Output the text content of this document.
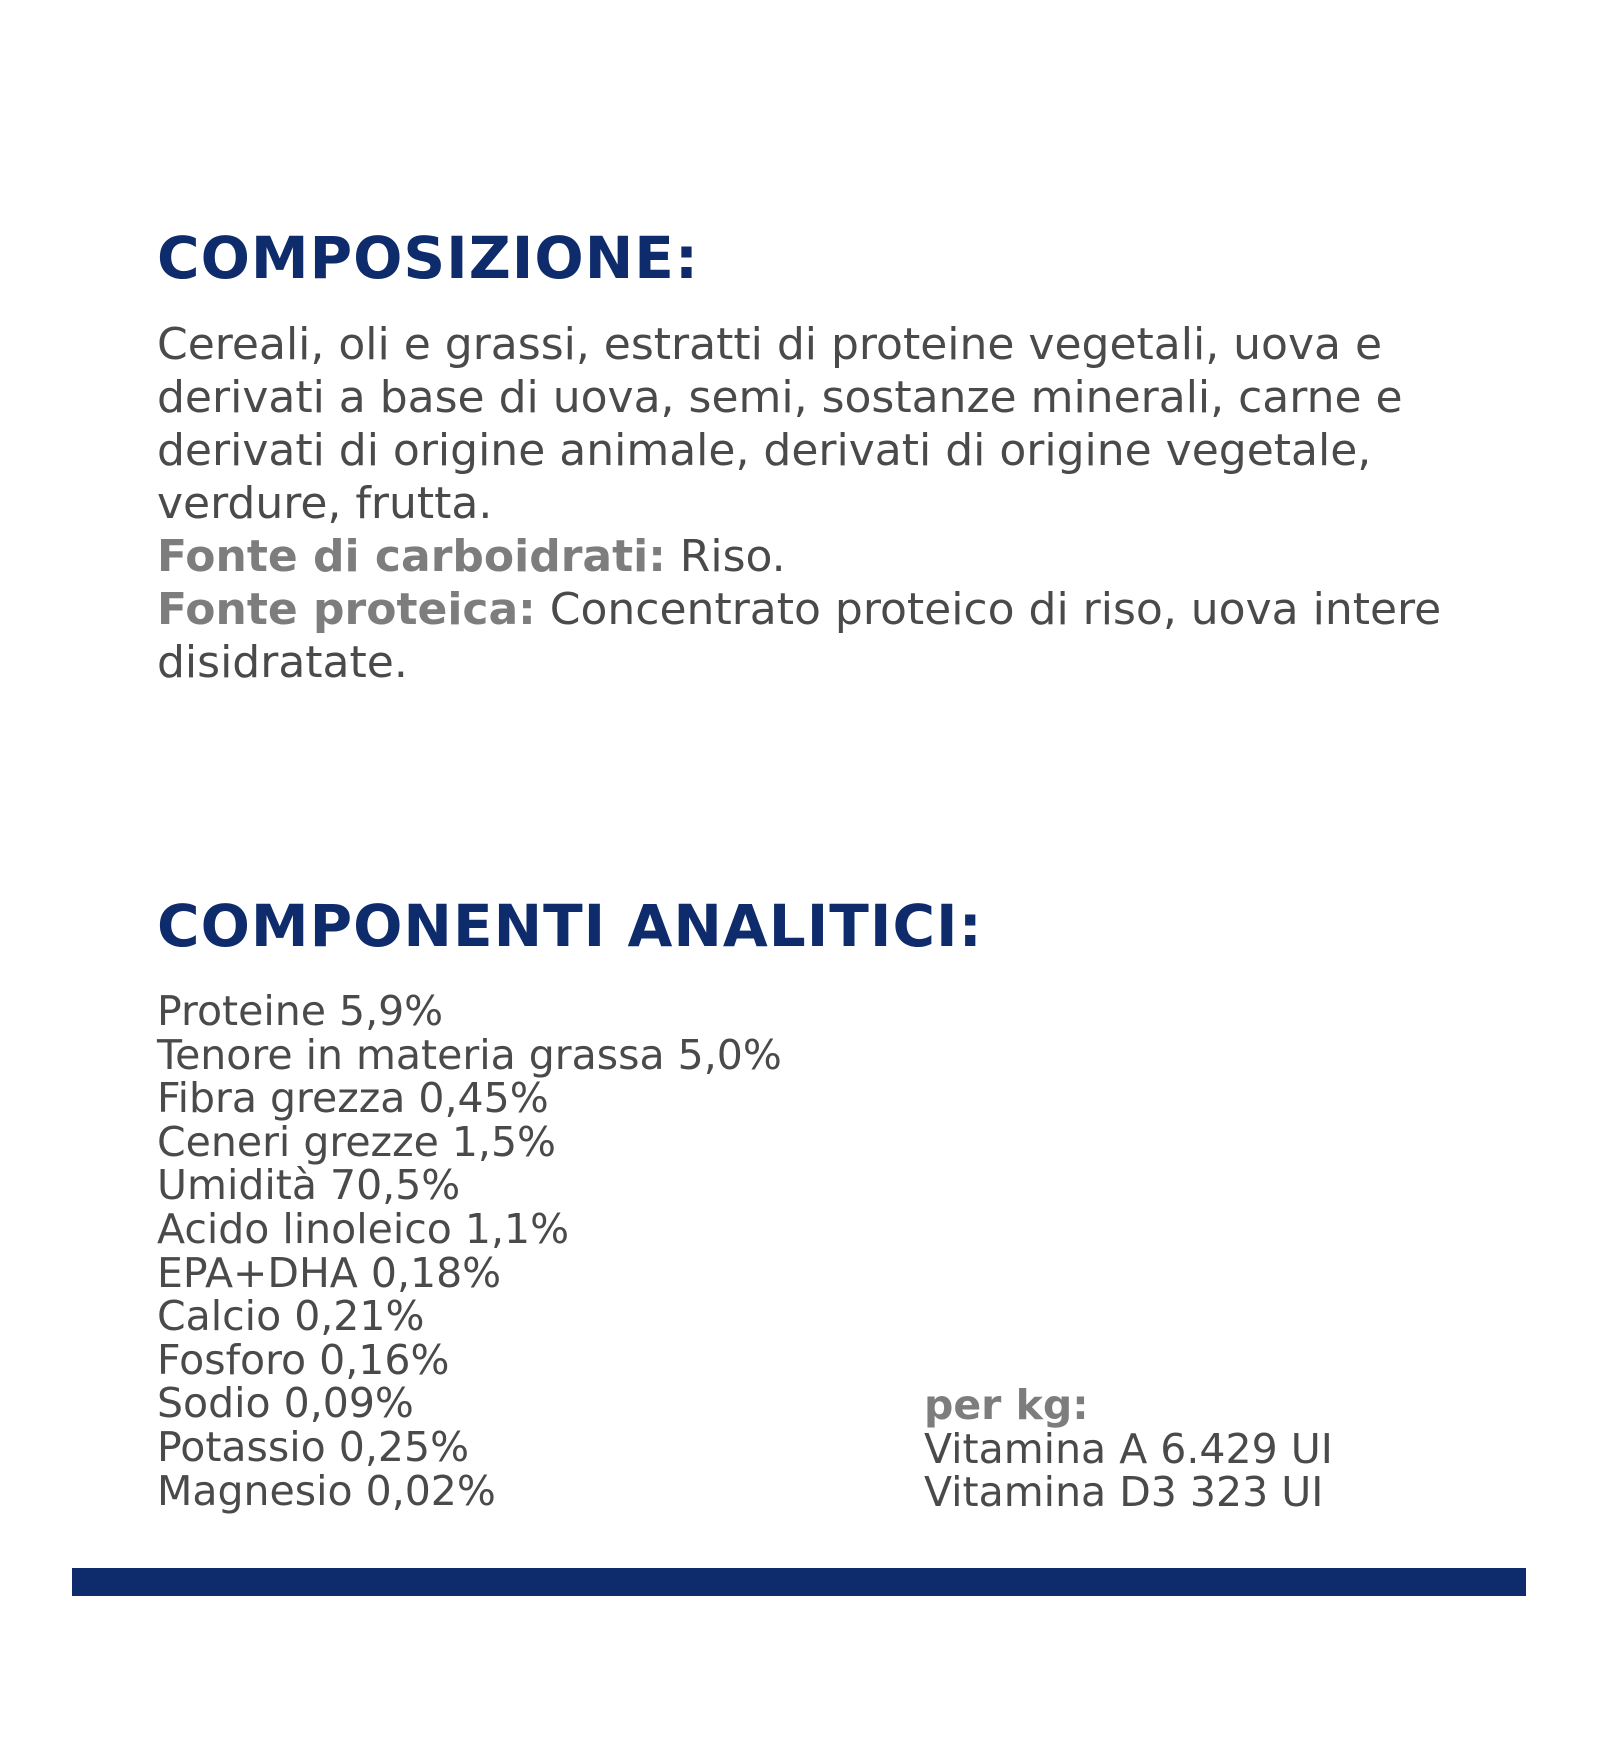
COMPOSIZIONE:

Cereali, oli e grassi, estratti di proteine vegetali, uova e derivati a base di uova, semi, sostanze minerali, carne e derivati di origine animale, derivati di origine vegetale, verdure, frutta.

Fonte di carboidrati: Riso.

Fonte proteica: Concentrato proteico di riso, uova intere disidratate.

COMPONENTI ANALITICI:
Proteine 5,9%
Tenore in materia grassa 5,0%
Fibra grezza 0,45%
Ceneri grezze 1,5%
Umidità 70,5%
Acido linoleico 1,1%
EPA+DHA 0,18%
Calcio 0,21%
Fosforo 0,16%
Sodio 0,09%
Potassio 0,25%
Magnesio 0,02%
per kg:
Vitamina A 6.429 UI
Vitamina D3 323 UI
